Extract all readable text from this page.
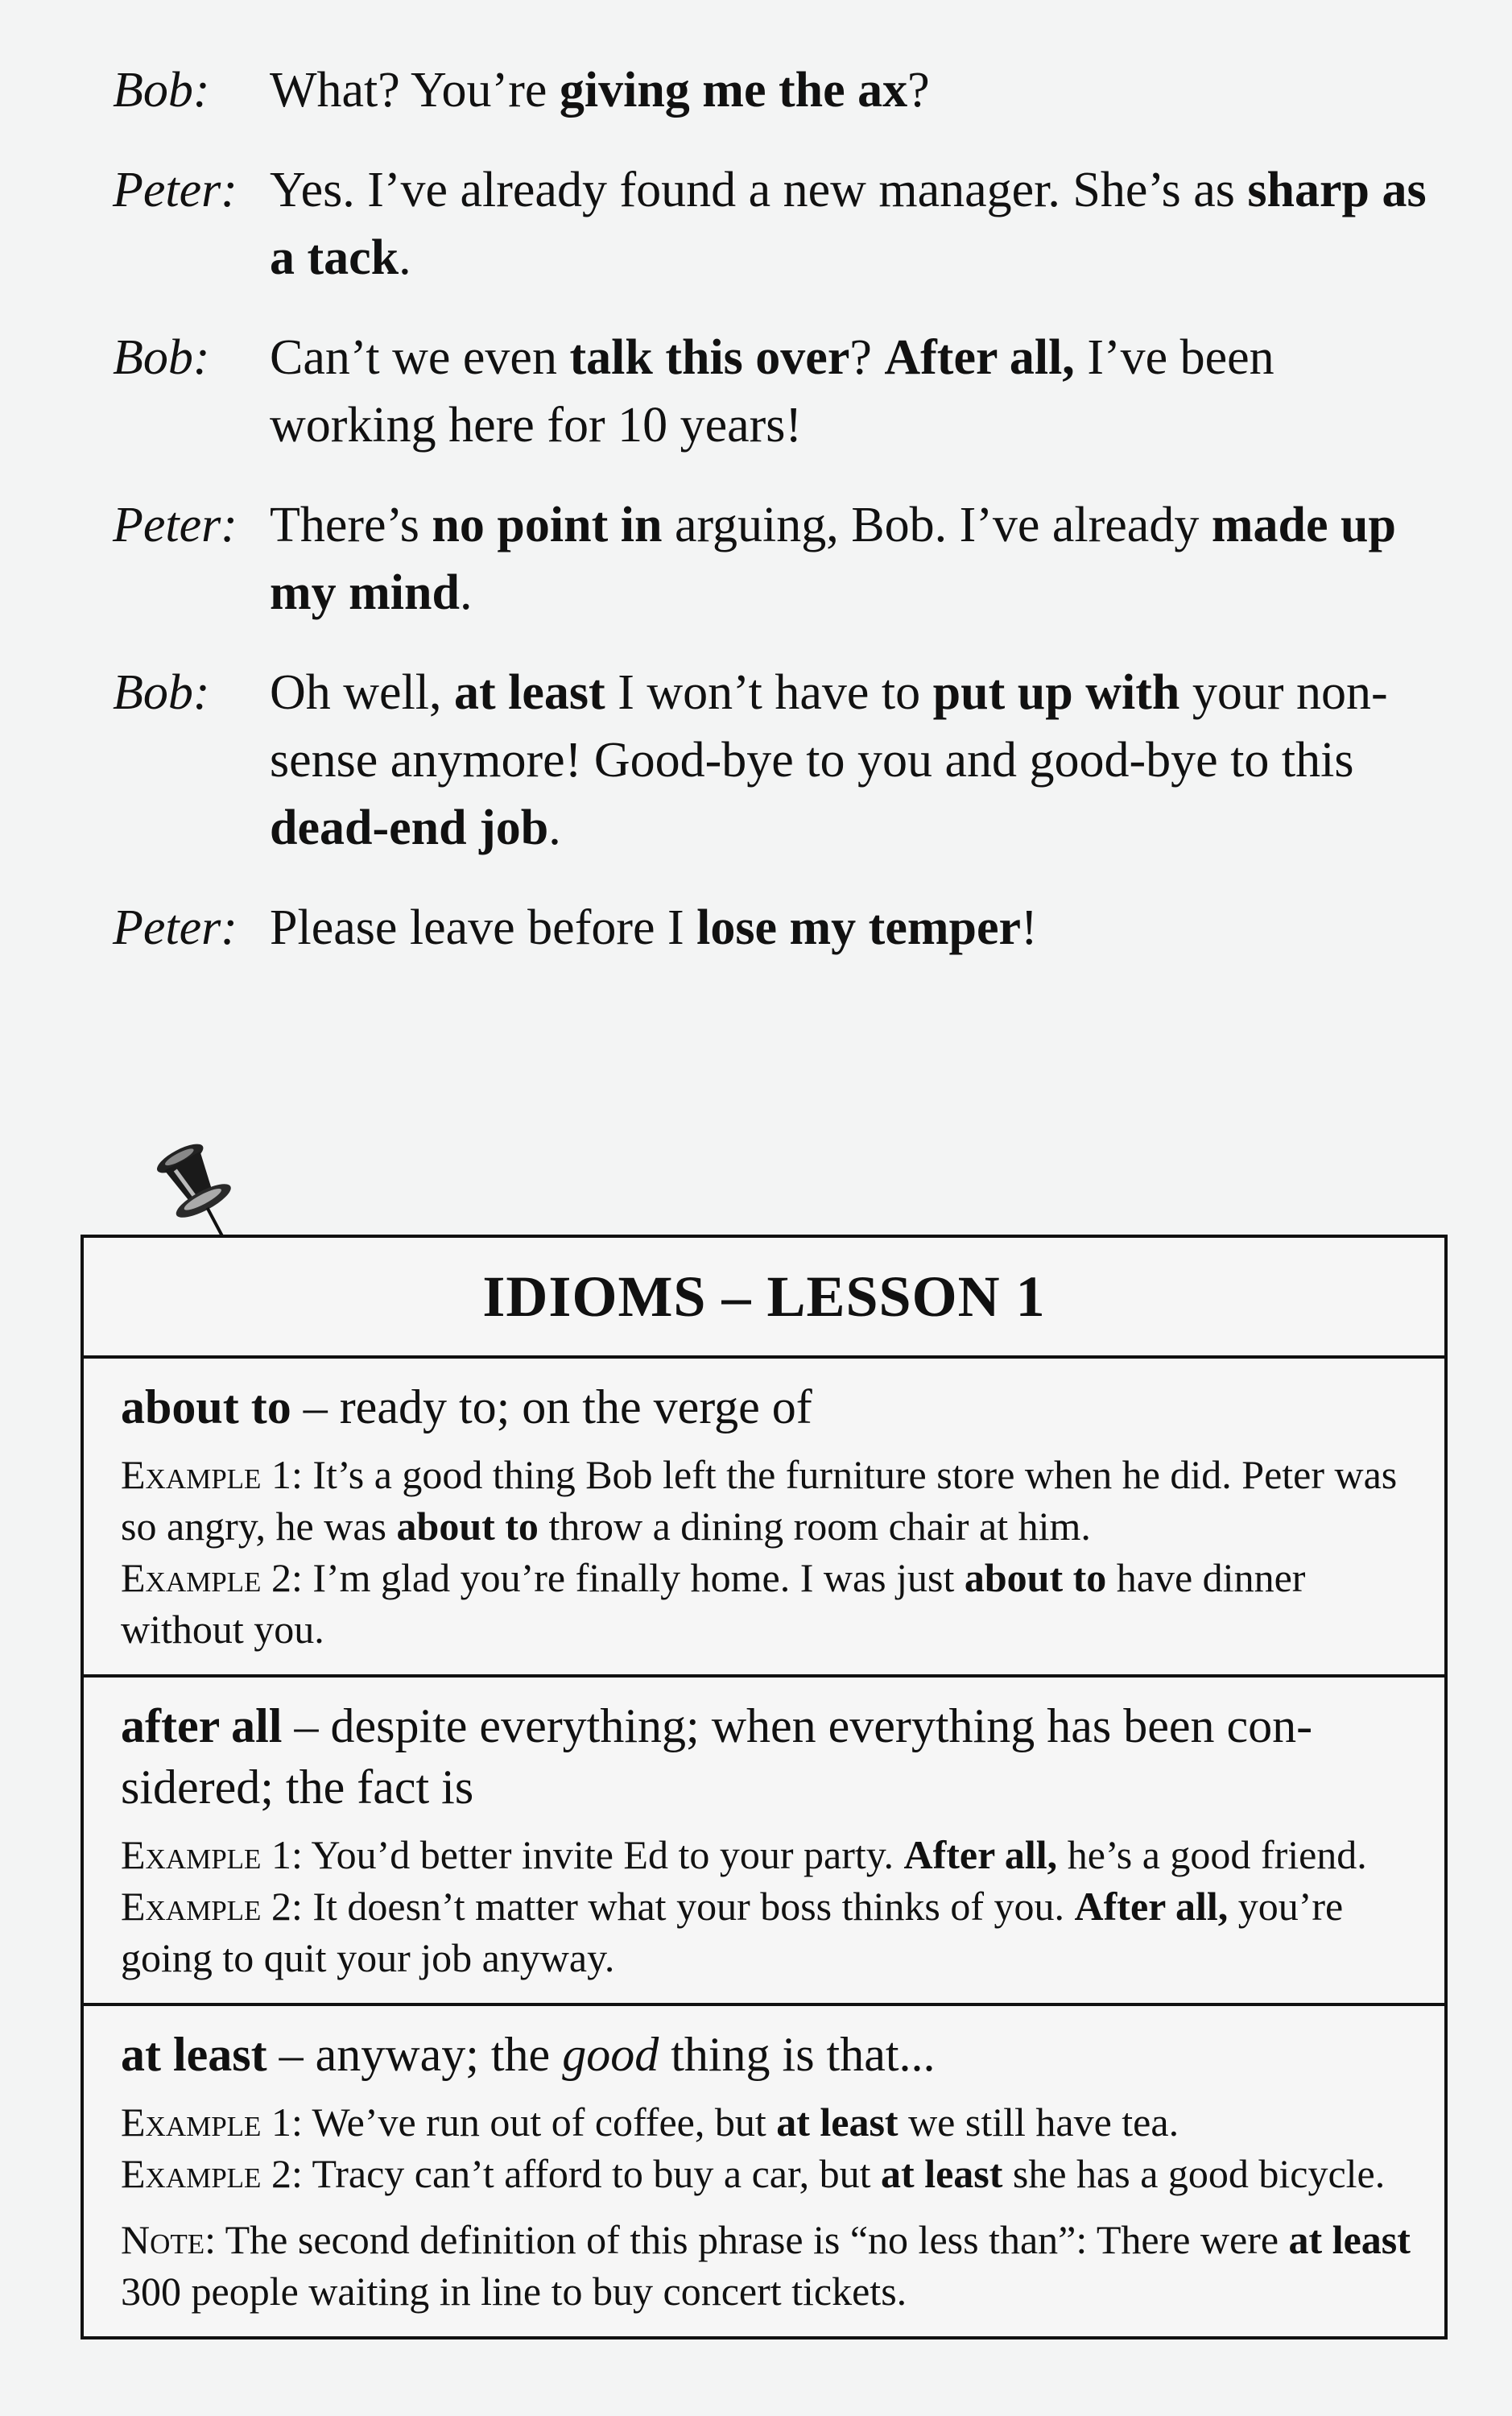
Bob:	What? You’re giving me the ax?
Peter: Yes. I’ve already found a new manager. She’s as sharp as a tack.
Bob:	Can’t we even talk this over? After all, I’ve been working here for 10 years!
Peter: There’s no point in arguing, Bob. I’ve already made up my mind.
Bob:	Oh well, at least I won’t have to put up with your non-sense anymore! Good-bye to you and good-bye to this dead-end job.
Peter: Please leave before I lose my temper!
IDIOMS – LESSON 1
about to – ready to; on the verge of
Example 1: It’s a good thing Bob left the furniture store when he did. Peter was so angry, he was about to throw a dining room chair at him.
Example 2: I’m glad you’re finally home. I was just about to have dinner without you.
after all – despite everything; when everything has been con-sidered; the fact is
Example 1: You’d better invite Ed to your party. After all, he’s a good friend.
Example 2: It doesn’t matter what your boss thinks of you. After all, you’re going to quit your job anyway.
at least – anyway; the good thing is that...
Example 1: We’ve run out of coffee, but at least we still have tea.
Example 2: Tracy can’t afford to buy a car, but at least she has a good bicycle.
Note: The second definition of this phrase is “no less than”: There were at least 300 people waiting in line to buy concert tickets.
